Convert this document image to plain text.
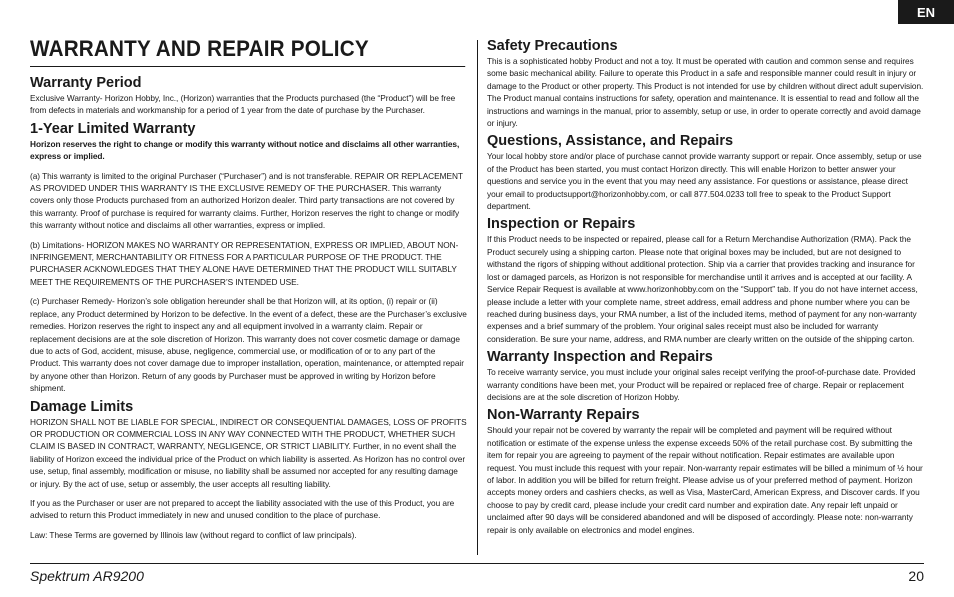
EN
WARRANTY AND REPAIR POLICY
Warranty Period

Exclusive Warranty- Horizon Hobby, Inc., (Horizon) warranties that the Products purchased (the “Product”) will be free from defects in materials and workmanship for a period of 1 year from the date of purchase by the Purchaser.

1-Year Limited Warranty

Horizon reserves the right to change or modify this warranty without notice and disclaims all other warranties, express or implied.

(a) This warranty is limited to the original Purchaser (“Purchaser”) and is not transferable. REPAIR OR REPLACEMENT AS PROVIDED UNDER THIS WARRANTY IS THE EXCLUSIVE REMEDY OF THE PURCHASER. This warranty covers only those Products purchased from an authorized Horizon dealer. Third party transactions are not covered by this warranty. Proof of purchase is required for warranty claims. Further, Horizon reserves the right to change or modify this warranty without notice and disclaims all other warranties, express or implied.

(b) Limitations- HORIZON MAKES NO WARRANTY OR REPRESENTATION, EXPRESS OR IMPLIED, ABOUT NON-INFRINGEMENT, MERCHANTABILITY OR FITNESS FOR A PARTICULAR PURPOSE OF THE PRODUCT. THE PURCHASER ACKNOWLEDGES THAT THEY ALONE HAVE DETERMINED THAT THE PRODUCT WILL SUITABLY MEET THE REQUIREMENTS OF THE PURCHASER’S INTENDED USE.

(c) Purchaser Remedy- Horizon’s sole obligation hereunder shall be that Horizon will, at its option, (i) repair or (ii) replace, any Product determined by Horizon to be defective. In the event of a defect, these are the Purchaser’s exclusive remedies. Horizon reserves the right to inspect any and all equipment involved in a warranty claim. Repair or replacement decisions are at the sole discretion of Horizon. This warranty does not cover cosmetic damage or damage due to acts of God, accident, misuse, abuse, negligence, commercial use, or modification of or to any part of the Product. This warranty does not cover damage due to improper installation, operation, maintenance, or attempted repair by anyone other than Horizon. Return of any goods by Purchaser must be approved in writing by Horizon before shipment.

Damage Limits

HORIZON SHALL NOT BE LIABLE FOR SPECIAL, INDIRECT OR CONSEQUENTIAL DAMAGES, LOSS OF PROFITS OR PRODUCTION OR COMMERCIAL LOSS IN ANY WAY CONNECTED WITH THE PRODUCT, WHETHER SUCH CLAIM IS BASED IN CONTRACT, WARRANTY, NEGLIGENCE, OR STRICT LIABILITY. Further, in no event shall the liability of Horizon exceed the individual price of the Product on which liability is asserted. As Horizon has no control over use, setup, final assembly, modification or misuse, no liability shall be assumed nor accepted for any resulting damage or injury. By the act of use, setup or assembly, the user accepts all resulting liability.

If you as the Purchaser or user are not prepared to accept the liability associated with the use of this Product, you are advised to return this Product immediately in new and unused condition to the place of purchase.

Law: These Terms are governed by Illinois law (without regard to conflict of law principals).

Safety Precautions

This is a sophisticated hobby Product and not a toy. It must be operated with caution and common sense and requires some basic mechanical ability. Failure to operate this Product in a safe and responsible manner could result in injury or damage to the Product or other property. This Product is not intended for use by children without direct adult supervision. The Product manual contains instructions for safety, operation and maintenance. It is essential to read and follow all the instructions and warnings in the manual, prior to assembly, setup or use, in order to operate correctly and avoid damage or injury.

Questions, Assistance, and Repairs

Your local hobby store and/or place of purchase cannot provide warranty support or repair. Once assembly, setup or use of the Product has been started, you must contact Horizon directly. This will enable Horizon to better answer your questions and service you in the event that you may need any assistance. For questions or assistance, please direct your email to productsupport@horizonhobby.com, or call 877.504.0233 toll free to speak to the Product Support department.

Inspection or Repairs

If this Product needs to be inspected or repaired, please call for a Return Merchandise Authorization (RMA). Pack the Product securely using a shipping carton. Please note that original boxes may be included, but are not designed to withstand the rigors of shipping without additional protection. Ship via a carrier that provides tracking and insurance for lost or damaged parcels, as Horizon is not responsible for merchandise until it arrives and is accepted at our facility. A Service Repair Request is available at www.horizonhobby.com on the “Support” tab. If you do not have internet access, please include a letter with your complete name, street address, email address and phone number where you can be reached during business days, your RMA number, a list of the included items, method of payment for any non-warranty expenses and a brief summary of the problem. Your original sales receipt must also be included for warranty consideration. Be sure your name, address, and RMA number are clearly written on the outside of the shipping carton.

Warranty Inspection and Repairs

To receive warranty service, you must include your original sales receipt verifying the proof-of-purchase date. Provided warranty conditions have been met, your Product will be repaired or replaced free of charge. Repair or replacement decisions are at the sole discretion of Horizon Hobby.

Non-Warranty Repairs

Should your repair not be covered by warranty the repair will be completed and payment will be required without notification or estimate of the expense unless the expense exceeds 50% of the retail purchase cost. By submitting the item for repair you are agreeing to payment of the repair without notification. Repair estimates are available upon request. You must include this request with your repair. Non-warranty repair estimates will be billed a minimum of ½ hour of labor. In addition you will be billed for return freight. Please advise us of your preferred method of payment. Horizon accepts money orders and cashiers checks, as well as Visa, MasterCard, American Express, and Discover cards. If you choose to pay by credit card, please include your credit card number and expiration date. Any repair left unpaid or unclaimed after 90 days will be considered abandoned and will be disposed of accordingly. Please note: non-warranty repair is only available on electronics and model engines.

Spektrum AR9200	20
